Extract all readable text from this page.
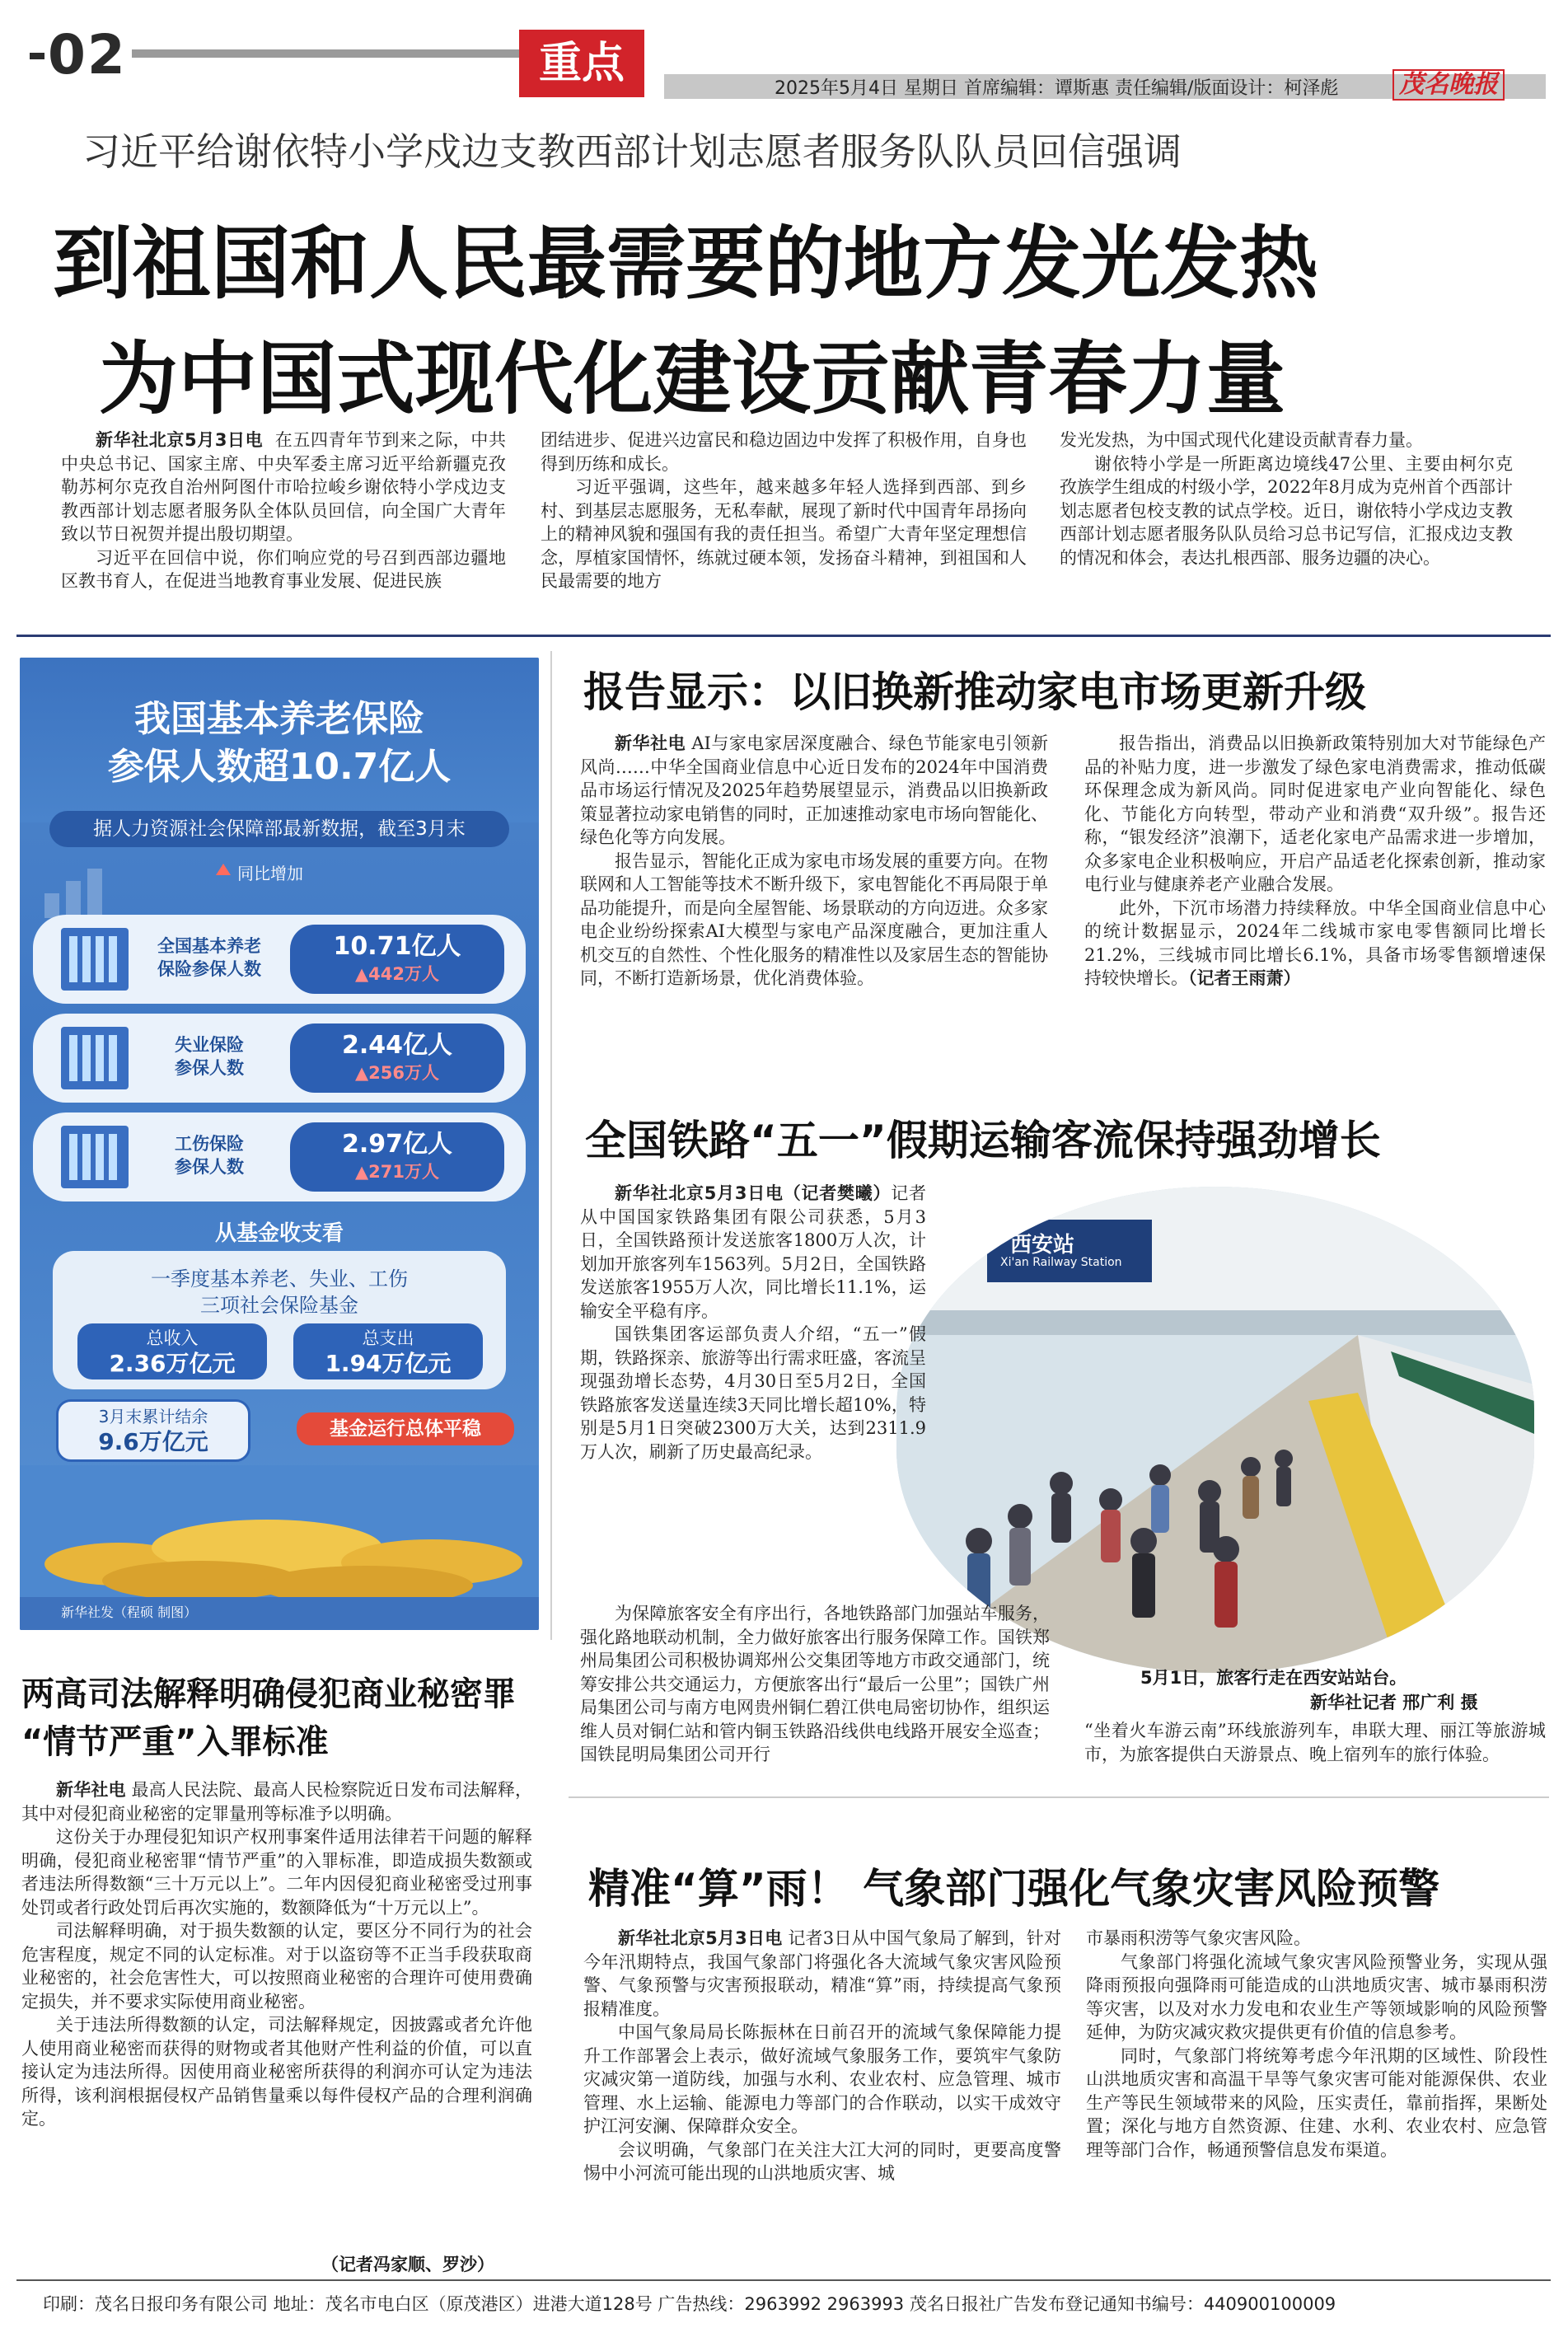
02	重点
2025年5月4日 星期日 首席编辑：谭斯惠 责任编辑/版面设计：柯泽彪 茂名晚报
习近平给谢依特小学戍边支教西部计划志愿者服务队队员回信强调
到祖国和人民最需要的地方发光发热
为中国式现代化建设贡献青春力量

新华社北京5月3日电 在五四青年节到来之际，中共中央总书记、国家主席、中央军委主席习近平给新疆克孜勒苏柯尔克孜自治州阿图什市哈拉峻乡谢依特小学戍边支教西部计划志愿者服务队全体队员回信，向全国广大青年致以节日祝贺并提出殷切期望。

习近平在回信中说，你们响应党的号召到西部边疆地区教书育人，在促进当地教育事业发展、促进民族

团结进步、促进兴边富民和稳边固边中发挥了积极作用，自身也得到历练和成长。

习近平强调，这些年，越来越多年轻人选择到西部、到乡村、到基层志愿服务，无私奉献，展现了新时代中国青年昂扬向上的精神风貌和强国有我的责任担当。希望广大青年坚定理想信念，厚植家国情怀，练就过硬本领，发扬奋斗精神，到祖国和人民最需要的地方

发光发热，为中国式现代化建设贡献青春力量。

谢依特小学是一所距离边境线47公里、主要由柯尔克孜族学生组成的村级小学，2022年8月成为克州首个西部计划志愿者包校支教的试点学校。近日，谢依特小学戍边支教西部计划志愿者服务队队员给习总书记写信，汇报戍边支教的情况和体会，表达扎根西部、服务边疆的决心。

我国基本养老保险
参保人数超10.7亿人
据人力资源社会保障部最新数据，截至3月末
同比增加
全国基本养老
保险参保人数
10.71亿人
▲442万人
失业保险
参保人数
2.44亿人
▲256万人
工伤保险
参保人数
2.97亿人
▲271万人
从基金收支看
一季度基本养老、失业、工伤
三项社会保险基金
总收入
2.36万亿元
总支出
1.94万亿元
3月末累计结余
9.6万亿元	基金运行总体平稳
新华社发（程硕 制图）
报告显示：以旧换新推动家电市场更新升级

新华社电 AI与家电家居深度融合、绿色节能家电引领新风尚……中华全国商业信息中心近日发布的2024年中国消费品市场运行情况及2025年趋势展望显示，消费品以旧换新政策显著拉动家电销售的同时，正加速推动家电市场向智能化、绿色化等方向发展。

报告显示，智能化正成为家电市场发展的重要方向。在物联网和人工智能等技术不断升级下，家电智能化不再局限于单品功能提升，而是向全屋智能、场景联动的方向迈进。众多家电企业纷纷探索AI大模型与家电产品深度融合，更加注重人机交互的自然性、个性化服务的精准性以及家居生态的智能协同，不断打造新场景，优化消费体验。

报告指出，消费品以旧换新政策特别加大对节能绿色产品的补贴力度，进一步激发了绿色家电消费需求，推动低碳环保理念成为新风尚。同时促进家电产业向智能化、绿色化、节能化方向转型，带动产业和消费“双升级”。报告还称，“银发经济”浪潮下，适老化家电产品需求进一步增加，众多家电企业积极响应，开启产品适老化探索创新，推动家电行业与健康养老产业融合发展。

此外，下沉市场潜力持续释放。中华全国商业信息中心的统计数据显示，2024年二线城市家电零售额同比增长21.2%，三线城市同比增长6.1%，具备市场零售额增速保持较快增长。（记者王雨萧）

全国铁路“五一”假期运输客流保持强劲增长
西安站
Xi'an Railway Station

新华社北京5月3日电（记者樊曦）记者从中国国家铁路集团有限公司获悉，5月3日，全国铁路预计发送旅客1800万人次，计划加开旅客列车1563列。5月2日，全国铁路发送旅客1955万人次，同比增长11.1%，运输安全平稳有序。

国铁集团客运部负责人介绍，“五一”假期，铁路探亲、旅游等出行需求旺盛，客流呈现强劲增长态势，4月30日至5月2日，全国铁路旅客发送量连续3天同比增长超10%，特别是5月1日突破2300万大关，达到2311.9万人次，刷新了历史最高纪录。

为保障旅客安全有序出行，各地铁路部门加强站车服务，强化路地联动机制，全力做好旅客出行服务保障工作。国铁郑州局集团公司积极协调郑州公交集团等地方市政交通部门，统筹安排公共交通运力，方便旅客出行“最后一公里”；国铁广州局集团公司与南方电网贵州铜仁碧江供电局密切协作，组织运维人员对铜仁站和管内铜玉铁路沿线供电线路开展安全巡查；国铁昆明局集团公司开行

5月1日，旅客行走在西安站站台。
新华社记者 邢广利 摄

“坐着火车游云南”环线旅游列车，串联大理、丽江等旅游城市，为旅客提供白天游景点、晚上宿列车的旅行体验。

两高司法解释明确侵犯商业秘密罪
“情节严重”入罪标准

新华社电 最高人民法院、最高人民检察院近日发布司法解释，其中对侵犯商业秘密的定罪量刑等标准予以明确。

这份关于办理侵犯知识产权刑事案件适用法律若干问题的解释明确，侵犯商业秘密罪“情节严重”的入罪标准，即造成损失数额或者违法所得数额“三十万元以上”。二年内因侵犯商业秘密受过刑事处罚或者行政处罚后再次实施的，数额降低为“十万元以上”。

司法解释明确，对于损失数额的认定，要区分不同行为的社会危害程度，规定不同的认定标准。对于以盗窃等不正当手段获取商业秘密的，社会危害性大，可以按照商业秘密的合理许可使用费确定损失，并不要求实际使用商业秘密。

关于违法所得数额的认定，司法解释规定，因披露或者允许他人使用商业秘密而获得的财物或者其他财产性利益的价值，可以直接认定为违法所得。因使用商业秘密所获得的利润亦可认定为违法所得，该利润根据侵权产品销售量乘以每件侵权产品的合理利润确定。

（记者冯家顺、罗沙）
精准“算”雨！ 气象部门强化气象灾害风险预警

新华社北京5月3日电 记者3日从中国气象局了解到，针对今年汛期特点，我国气象部门将强化各大流域气象灾害风险预警、气象预警与灾害预报联动，精准“算”雨，持续提高气象预报精准度。

中国气象局局长陈振林在日前召开的流域气象保障能力提升工作部署会上表示，做好流域气象服务工作，要筑牢气象防灾减灾第一道防线，加强与水利、农业农村、应急管理、城市管理、水上运输、能源电力等部门的合作联动，以实干成效守护江河安澜、保障群众安全。

会议明确，气象部门在关注大江大河的同时，更要高度警惕中小河流可能出现的山洪地质灾害、城

市暴雨积涝等气象灾害风险。

气象部门将强化流域气象灾害风险预警业务，实现从强降雨预报向强降雨可能造成的山洪地质灾害、城市暴雨积涝等灾害，以及对水力发电和农业生产等领域影响的风险预警延伸，为防灾减灾救灾提供更有价值的信息参考。

同时，气象部门将统筹考虑今年汛期的区域性、阶段性山洪地质灾害和高温干旱等气象灾害可能对能源保供、农业生产等民生领域带来的风险，压实责任，靠前指挥，果断处置；深化与地方自然资源、住建、水利、农业农村、应急管理等部门合作，畅通预警信息发布渠道。

印刷：茂名日报印务有限公司 地址：茂名市电白区（原茂港区）进港大道128号 广告热线：2963992 2963993 茂名日报社广告发布登记通知书编号：440900100009
